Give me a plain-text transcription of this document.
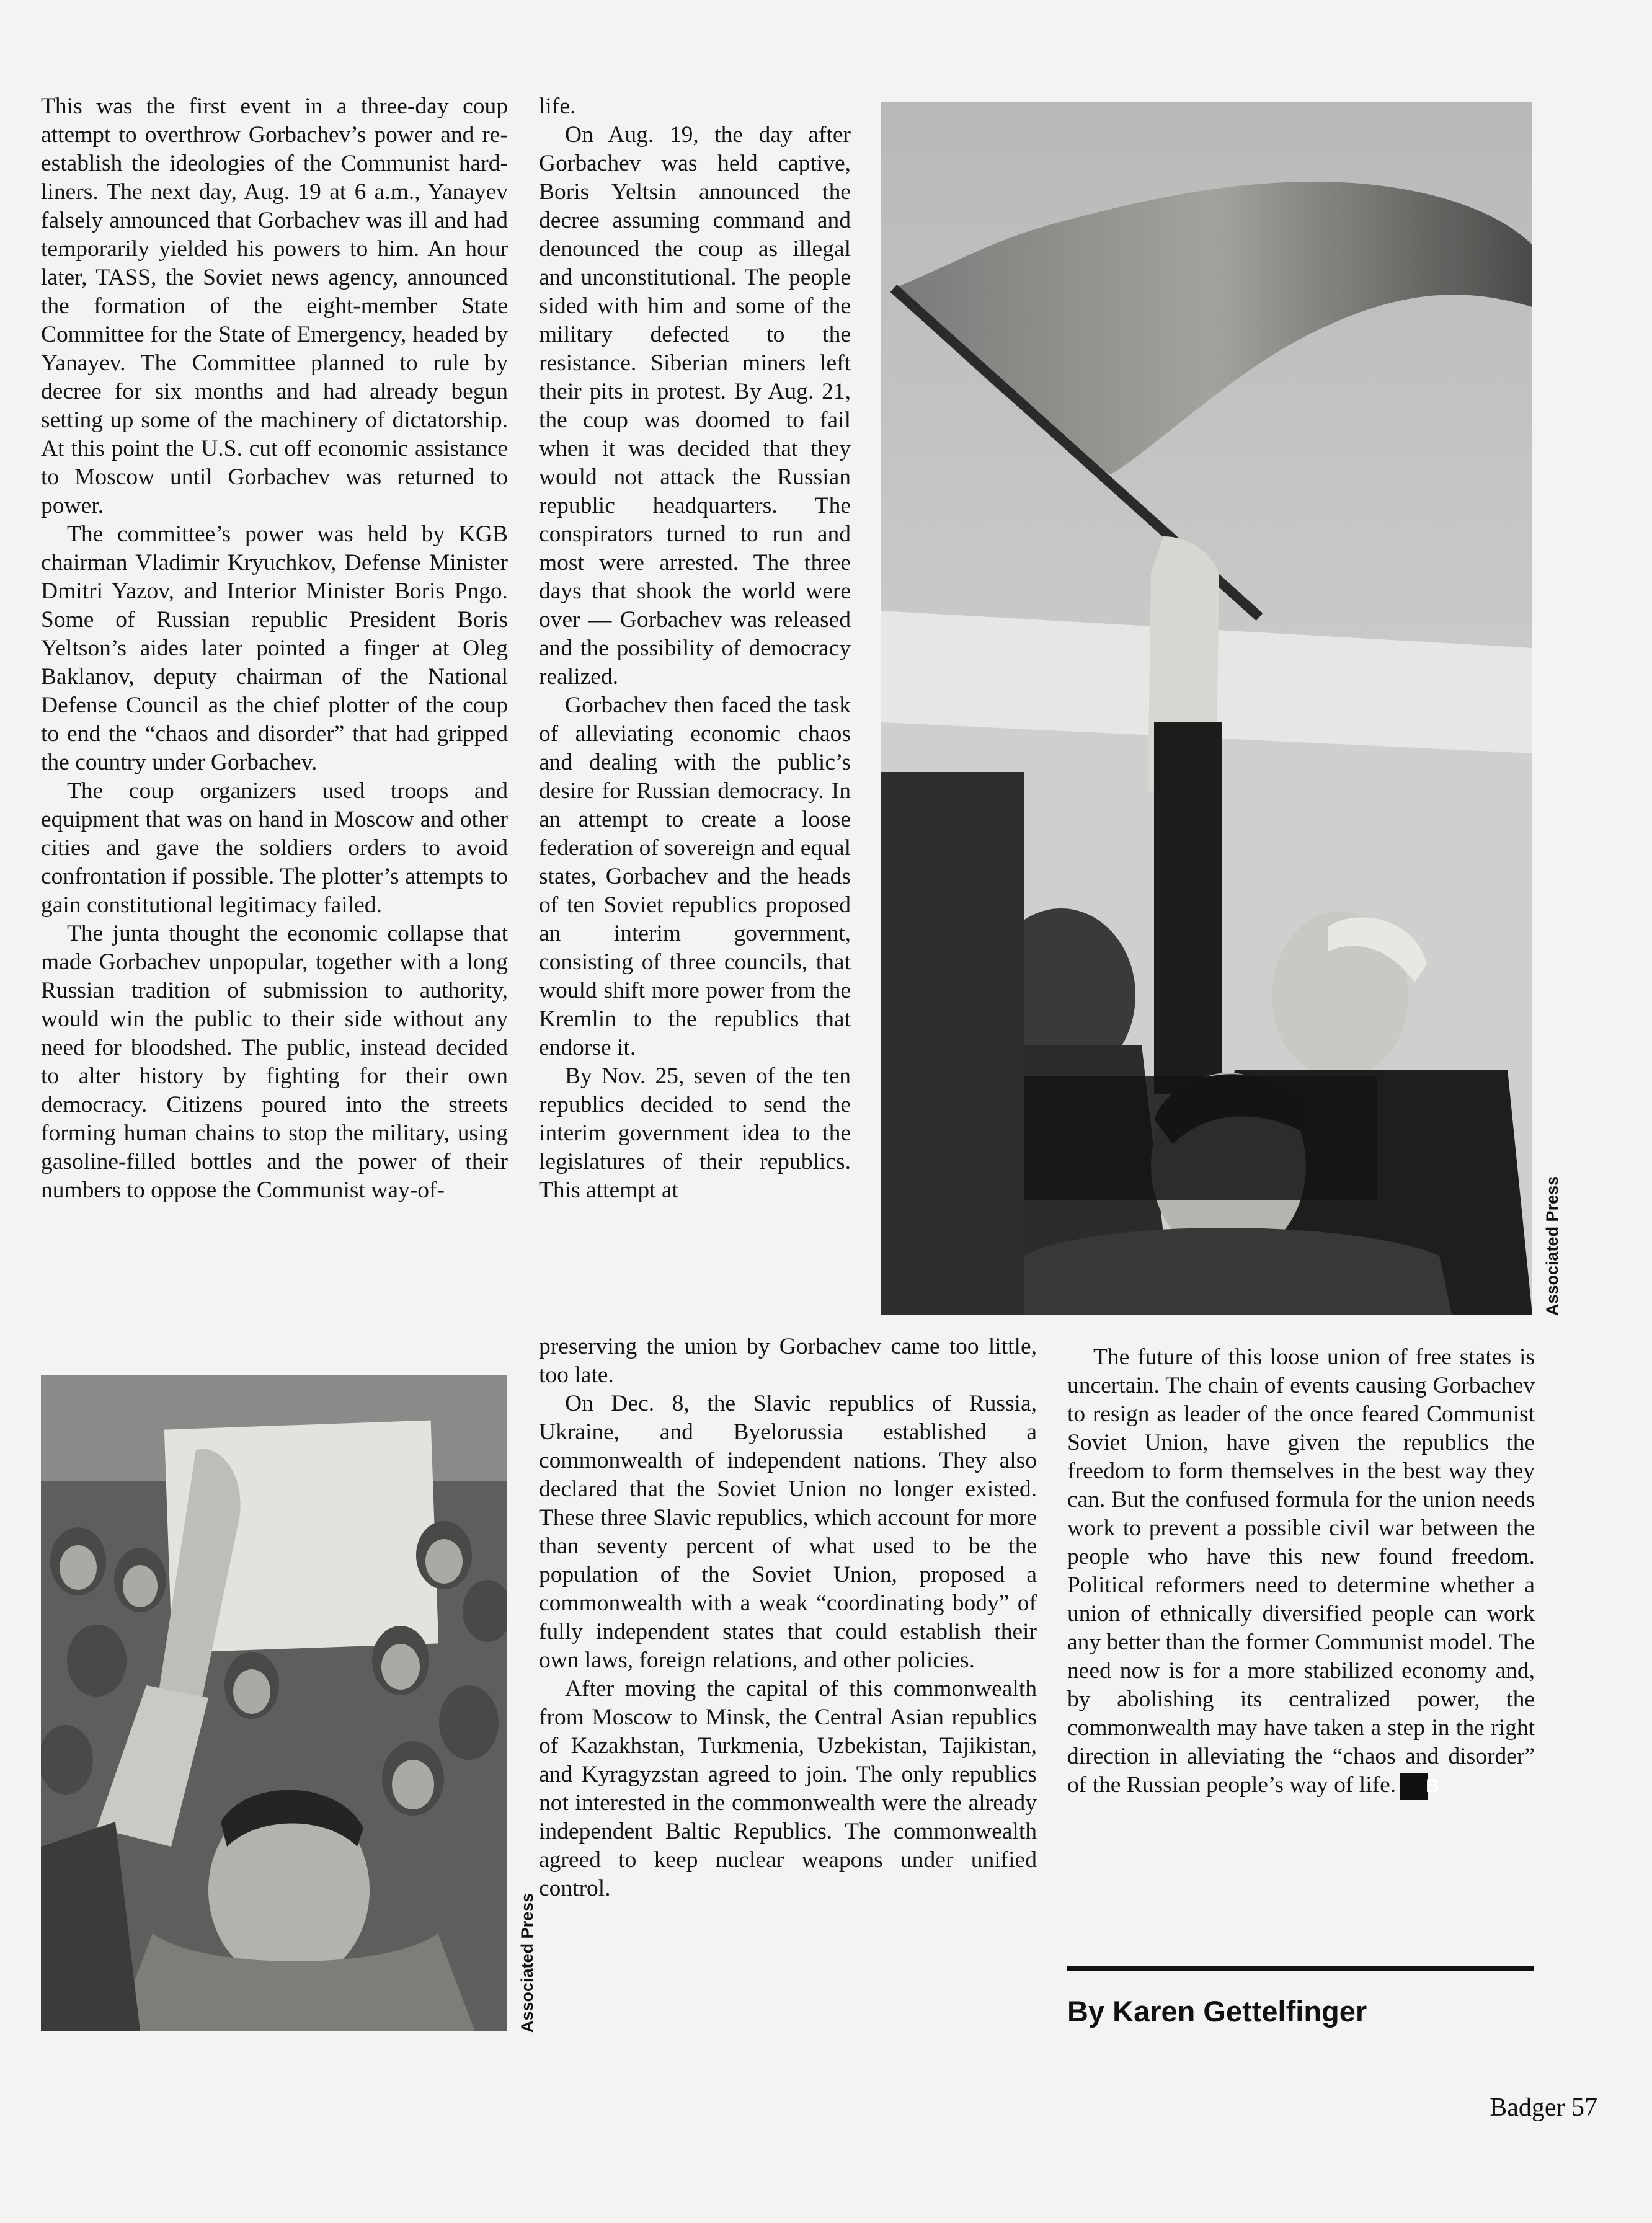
This was the first event in a three-day coup attempt to overthrow Gorbachev’s power and re-establish the ideologies of the Communist hard-liners. The next day, Aug. 19 at 6 a.m., Yanayev falsely announced that Gorbachev was ill and had temporarily yielded his powers to him. An hour later, TASS, the Soviet news agency, announced the formation of the eight-member State Committee for the State of Emergency, headed by Yanayev. The Committee planned to rule by decree for six months and had already begun setting up some of the machinery of dictatorship. At this point the U.S. cut off economic assistance to Moscow until Gorbachev was returned to power.

The committee’s power was held by KGB chairman Vladimir Kryuchkov, Defense Minister Dmitri Yazov, and Interior Minister Boris Pngo. Some of Russian republic President Boris Yeltson’s aides later pointed a finger at Oleg Baklanov, deputy chairman of the National Defense Council as the chief plotter of the coup to end the “chaos and disorder” that had gripped the country under Gorbachev.

The coup organizers used troops and equipment that was on hand in Moscow and other cities and gave the soldiers orders to avoid confrontation if possible. The plotter’s attempts to gain constitutional legitimacy failed.

The junta thought the economic collapse that made Gorbachev unpopular, together with a long Russian tradition of submission to authority, would win the public to their side without any need for bloodshed. The public, instead decided to alter history by fighting for their own democracy. Citizens poured into the streets forming human chains to stop the military, using gasoline-filled bottles and the power of their numbers to oppose the Communist way-of-

life.

On Aug. 19, the day after Gorbachev was held captive, Boris Yeltsin announced the decree assuming command and denounced the coup as illegal and unconstitutional. The people sided with him and some of the military defected to the resistance. Siberian miners left their pits in protest. By Aug. 21, the coup was doomed to fail when it was decided that they would not attack the Russian republic headquarters. The conspirators turned to run and most were arrested. The three days that shook the world were over — Gorbachev was released and the possibility of democracy realized.

Gorbachev then faced the task of alleviating economic chaos and dealing with the public’s desire for Russian democracy. In an attempt to create a loose federation of sovereign and equal states, Gorbachev and the heads of ten Soviet republics proposed an interim government, consisting of three councils, that would shift more power from the Kremlin to the republics that endorse it.

By Nov. 25, seven of the ten republics decided to send the interim government idea to the legislatures of their republics. This attempt at

preserving the union by Gorbachev came too little, too late.

On Dec. 8, the Slavic republics of Russia, Ukraine, and Byelorussia established a commonwealth of independent nations. They also declared that the Soviet Union no longer existed. These three Slavic republics, which account for more than seventy percent of what used to be the population of the Soviet Union, proposed a commonwealth with a weak “coordinating body” of fully independent states that could establish their own laws, foreign relations, and other policies.

After moving the capital of this commonwealth from Moscow to Minsk, the Central Asian republics of Kazakhstan, Turkmenia, Uzbekistan, Tajikistan, and Kyragyzstan agreed to join. The only republics not interested in the commonwealth were the already independent Baltic Republics. The commonwealth agreed to keep nuclear weapons under unified control.

The future of this loose union of free states is uncertain. The chain of events causing Gorbachev to resign as leader of the once feared Communist Soviet Union, have given the republics the freedom to form themselves in the best way they can. But the confused formula for the union needs work to prevent a possible civil war between the people who have this new found freedom. Political reformers need to determine whether a union of ethnically diversified people can work any better than the former Communist model. The need now is for a more stabilized economy and, by abolishing its centralized power, the commonwealth may have taken a step in the right direction in alleviating the “chaos and disorder” of the Russian people’s way of life. B

Associated Press
Associated Press	By Karen Gettelfinger
Badger 57
